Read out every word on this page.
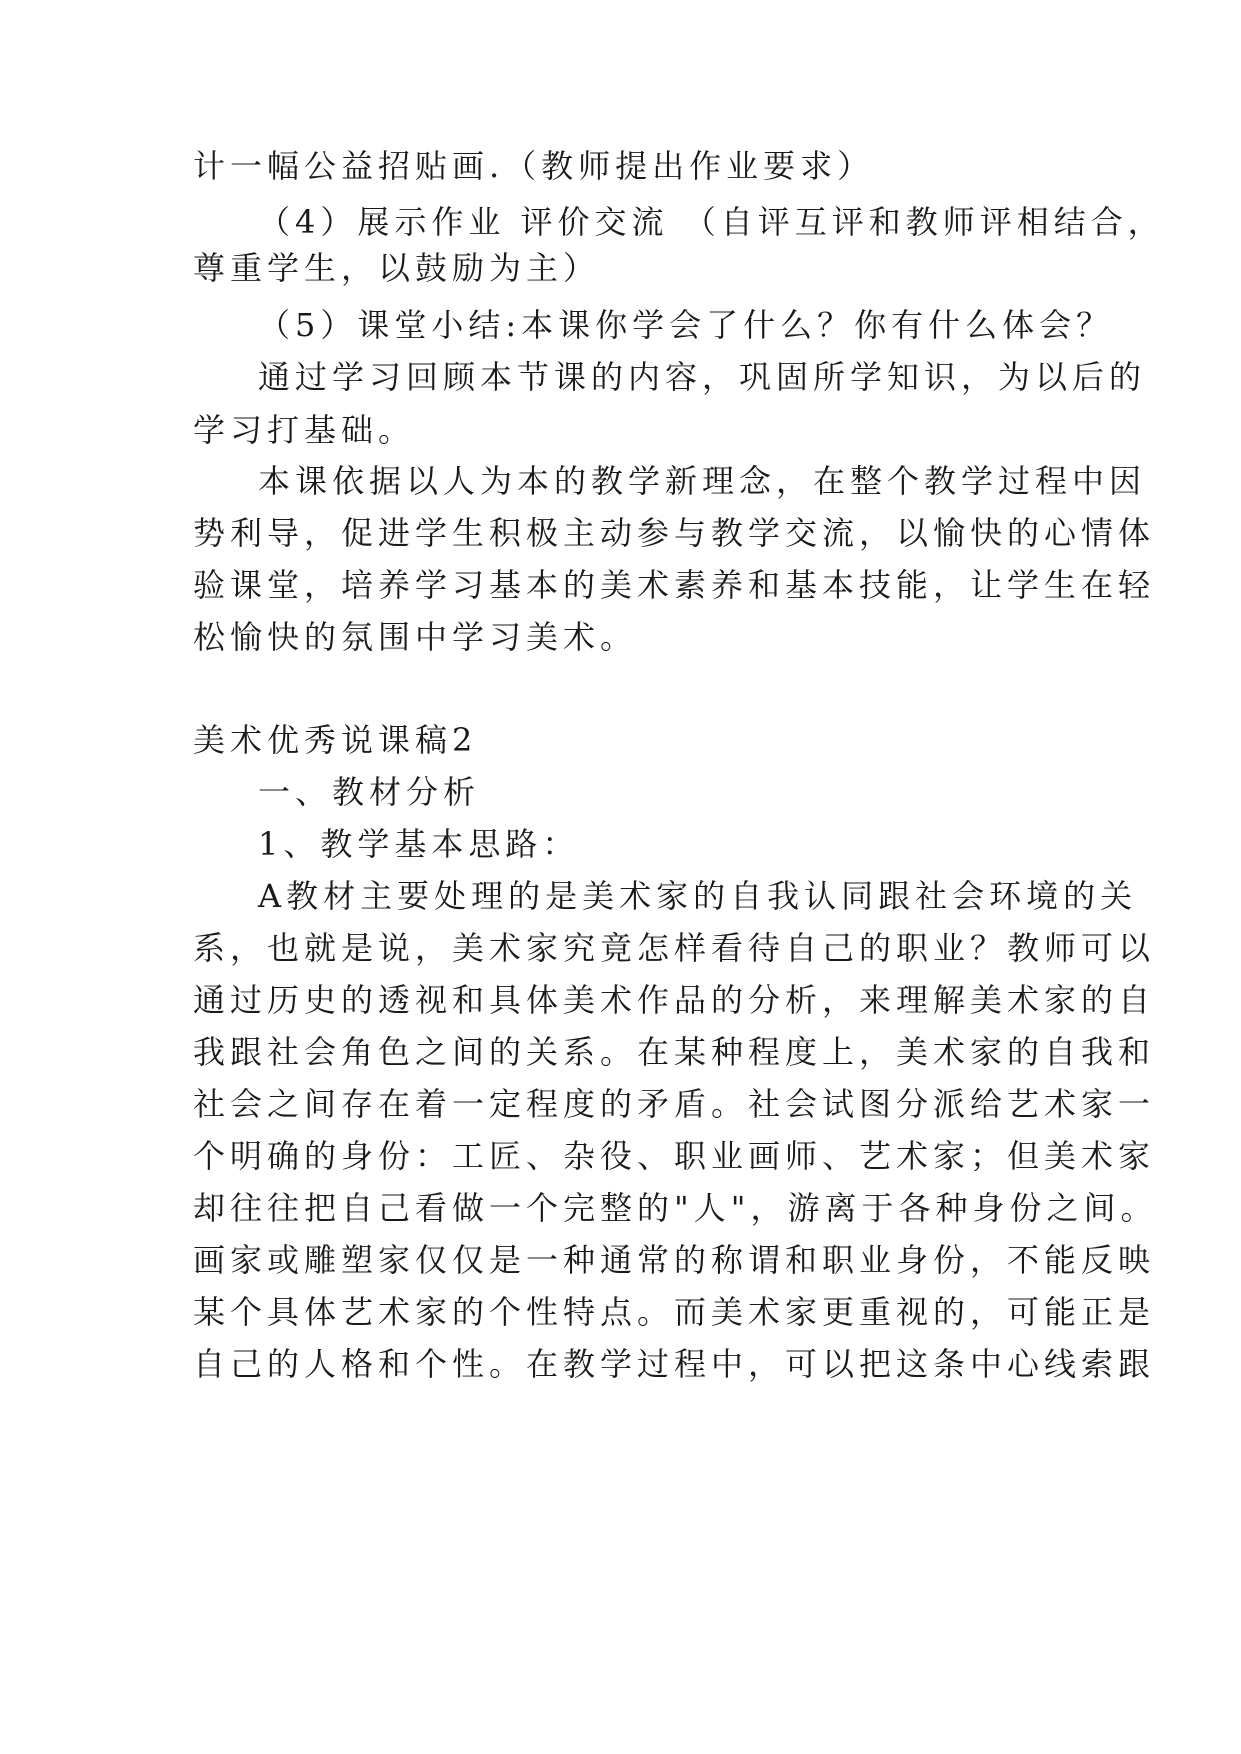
计一幅公益招贴画.（教师提出作业要求）
（4）展示作业 评价交流 （自评互评和教师评相结合，
尊重学生，以鼓励为主）
（5）课堂小结:本课你学会了什么？你有什么体会？
通过学习回顾本节课的内容，巩固所学知识，为以后的
学习打基础。
本课依据以人为本的教学新理念，在整个教学过程中因
势利导，促进学生积极主动参与教学交流，以愉快的心情体
验课堂，培养学习基本的美术素养和基本技能，让学生在轻
松愉快的氛围中学习美术。
美术优秀说课稿2
一、教材分析
1、教学基本思路：
A教材主要处理的是美术家的自我认同跟社会环境的关
系，也就是说，美术家究竟怎样看待自己的职业？教师可以
通过历史的透视和具体美术作品的分析，来理解美术家的自
我跟社会角色之间的关系。在某种程度上，美术家的自我和
社会之间存在着一定程度的矛盾。社会试图分派给艺术家一
个明确的身份：工匠、杂役、职业画师、艺术家；但美术家
却往往把自己看做一个完整的"人"，游离于各种身份之间。
画家或雕塑家仅仅是一种通常的称谓和职业身份，不能反映
某个具体艺术家的个性特点。而美术家更重视的，可能正是
自己的人格和个性。在教学过程中，可以把这条中心线索跟
